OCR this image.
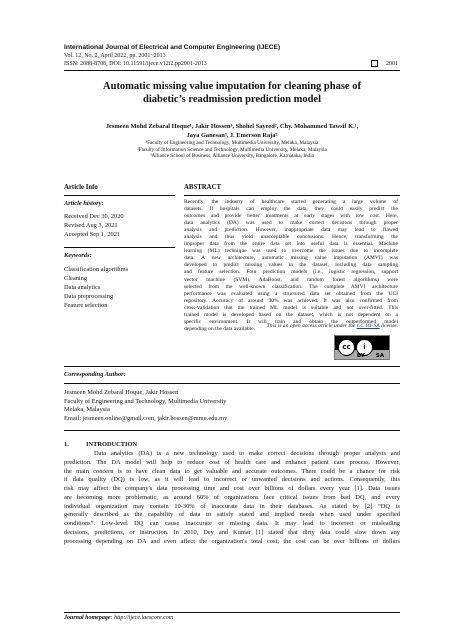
International Journal of Electrical and Computer Engineering (IJECE)
Vol. 12, No. 2, April 2022, pp. 2001~2013
ISSN: 2088-8708, DOI: 10.11591/ijece.v12i2.pp2001-2013	2001
Automatic missing value imputation for cleaning phase of
diabetic’s readmission prediction model
Jesmeen Mohd Zebaral Hoque¹, Jakir Hossen¹, Shohel Sayeed², Chy. Mohammed Tawsif K.¹,
Jaya Ganesan³, J. Emerson Raja²
¹Faculty of Engineering and Technology, Multimedia University, Melaka, Malaysia
²Faculty of Information Science and Technology, Multimedia University, Melaka, Malaysia
³Alliance School of Business, Alliance University, Bangalore, Karnataka, India
Article Info	ABSTRACT
Article history:
Received Dec 30, 2020
Revised Aug 3, 2021
Accepted Sep 1, 2021
Keywords:
Classification algorithms
Cleaning
Data analytics
Data preprocessing
Feature selection
Recently, the industry of healthcare started generating a large volume of
datasets. If hospitals can employ the data, they could easily predict the
outcomes and provide better treatments at early stages with low cost. Here,
data analytics (DA) was used to make correct decisions through proper
analysis and prediction. However, inappropriate data may lead to flawed
analysis and thus yield unacceptable conclusions. Hence, transforming the
improper data from the entire data set into useful data is essential. Machine
learning (ML) technique was used to overcome the issues due to incomplete
data. A new architecture, automatic missing value imputation (AMVI) was
developed to predict missing values in the dataset, including data sampling
and feature selection. Four prediction models (i.e., logistic regression, support
vector machine (SVM), AdaBoost, and random forest algorithms) were
selected from the well-known classification. The complete AMVI architecture
performance was evaluated using a structured data set obtained from the UCI
repository. Accuracy of around 90% was achieved. It was also confirmed from
cross-validation that the trained ML model is suitable and not over-fitted. This
trained model is developed based on the dataset, which is not dependent on a
specific environment. It will train and obtain the outperformed model
depending on the data available.	This is an open access article under the CC BY-SA license.
cc	i
BY SA
Corresponding Author:
Jesmeen Mohd Zebaral Hoque, Jakir Hossen
Faculty of Engineering and Technology, Multimedia University
Melaka, Malaysia
Email: jesmeen.online@gmail.com, jakir.hossen@mmu.edu.my
1.	INTRODUCTION
Data analytics (DA) is a new technology used to make correct decisions through proper analysis and
prediction. The DA model will help to reduce cost of health care and enhance patient care process. However,
the main concern is to have clean data to get valuable and accurate outcomes. There could be a chance for risk
if data quality (DQ) is low, as it will lead to incorrect or unwanted decisions and actions. Consequently, this
risk may affect the company's data processing time and cost over billions of dollars every year [1]. Data issues
are becoming more problematic, as around 60% of organizations face critical issues from bad DQ, and every
individual organization may contain 10-30% of inaccurate data in their databases. As stated by [2] “DQ is
generally described as the capability of data to satisfy stated and implied needs when used under specified
conditions”. Low-level DQ can cause inaccurate or missing data. It may lead to incorrect or misleading
decisions, predictions, or instruction. In 2010, Dey and Kumar [1] stated that dirty data could slow down any
processing depending on DA and even affect the organization's total cost; the cost can be over billions of dollars
Journal homepage: http://ijece.iaescore.com
